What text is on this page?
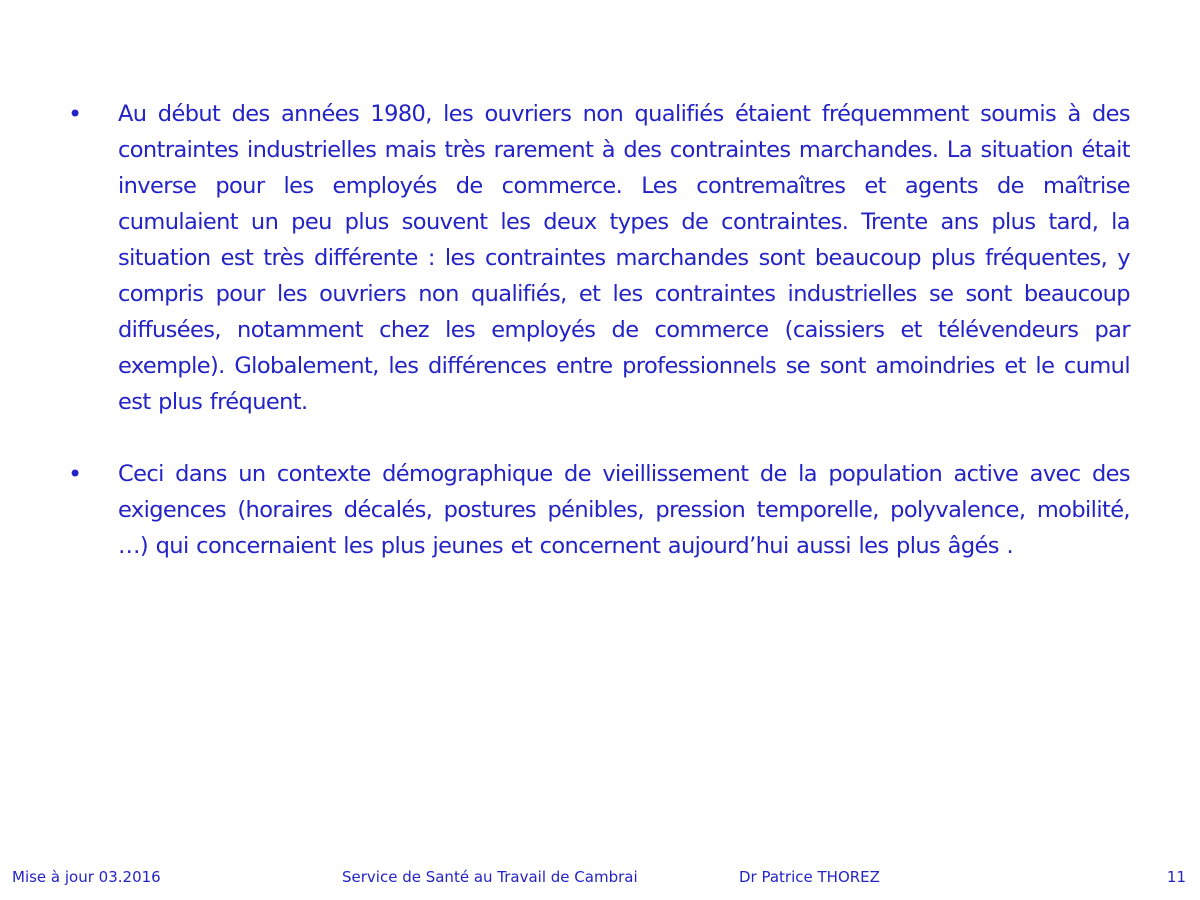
• Au début des années 1980, les ouvriers non qualifiés étaient fréquemment soumis à des contraintes industrielles mais très rarement à des contraintes marchandes. La situation était inverse pour les employés de commerce. Les contremaîtres et agents de maîtrise cumulaient un peu plus souvent les deux types de contraintes. Trente ans plus tard, la situation est très différente : les contraintes marchandes sont beaucoup plus fréquentes, y compris pour les ouvriers non qualifiés, et les contraintes industrielles se sont beaucoup diffusées, notamment chez les employés de commerce (caissiers et télévendeurs par exemple). Globalement, les différences entre professionnels se sont amoindries et le cumul est plus fréquent.
• Ceci dans un contexte démographique de vieillissement de la population active avec des exigences (horaires décalés, postures pénibles, pression temporelle, polyvalence, mobilité, …) qui concernaient les plus jeunes et concernent aujourd’hui aussi les plus âgés .
Mise à jour 03.2016	Service de Santé au Travail de Cambrai	Dr Patrice THOREZ	11
